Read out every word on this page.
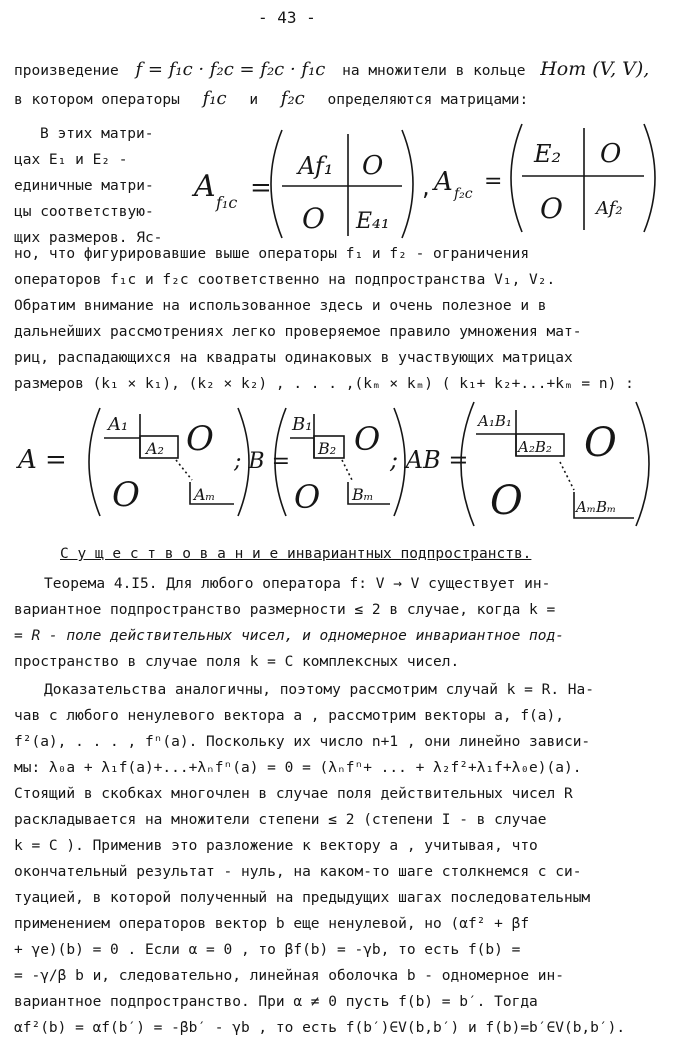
- 43 -
произведение f = f₁c · f₂c = f₂c · f₁c на множители в кольце Hom (V, V),
в котором операторы f₁c и f₂c определяются матрицами:
В этих матри-
цах E₁ и E₂ -
единичные матри-
цы соответствую-
щих размеров. Яс-
A f₁c =
Af₁ O
O E₄₁
, A f₂c =
E₂ O
O Af₂
но, что фигурировавшие выше операторы f₁ и f₂ - ограничения
операторов f₁c и f₂c соответственно на подпространства V₁, V₂.
Обратим внимание на использованное здесь и очень полезное и в
дальнейших рассмотрениях легко проверяемое правило умножения мат-
риц, распадающихся на квадраты одинаковых в участвующих матрицах
размеров (k₁ × k₁), (k₂ × k₂) , . . . ,(kₘ × kₘ) ( k₁+ k₂+...+kₘ = n) :
A =
A₁
A₂ O
O	Aₘ
; B =
B₁
B₂ O
O Bₘ
; AB =
A₁B₁
A₂B₂ O
O	AₘBₘ
С у щ е с т в о в а н и е инвариантных подпространств.
Теорема 4.I5. Для любого оператора f: V → V существует ин-
вариантное подпространство размерности ≤ 2 в случае, когда k =
= R - поле действительных чисел, и одномерное инвариантное под-
пространство в случае поля k = C комплексных чисел.
Доказательства аналогичны, поэтому рассмотрим случай k = R. На-
чав с любого ненулевого вектора a , рассмотрим векторы a, f(a),
f²(a), . . . , fⁿ(a). Поскольку их число n+1 , они линейно зависи-
мы: λ₀a + λ₁f(a)+...+λₙfⁿ(a) = 0 = (λₙfⁿ+ ... + λ₂f²+λ₁f+λ₀e)(a).
Стоящий в скобках многочлен в случае поля действительных чисел R
раскладывается на множители степени ≤ 2 (степени I - в случае
k = C ). Применив это разложение к вектору a , учитывая, что
окончательный результат - нуль, на каком-то шаге столкнемся с си-
туацией, в которой полученный на предыдущих шагах последовательным
применением операторов вектор b еще ненулевой, но (αf² + βf
+ γe)(b) = 0 . Если α = 0 , то βf(b) = -γb, то есть f(b) =
= -γ/β b и, следовательно, линейная оболочка b - одномерное ин-
вариантное подпространство. При α ≠ 0 пусть f(b) = b′. Тогда
αf²(b) = αf(b′) = -βb′ - γb , то есть f(b′)∈V(b,b′) и f(b)=b′∈V(b,b′).
